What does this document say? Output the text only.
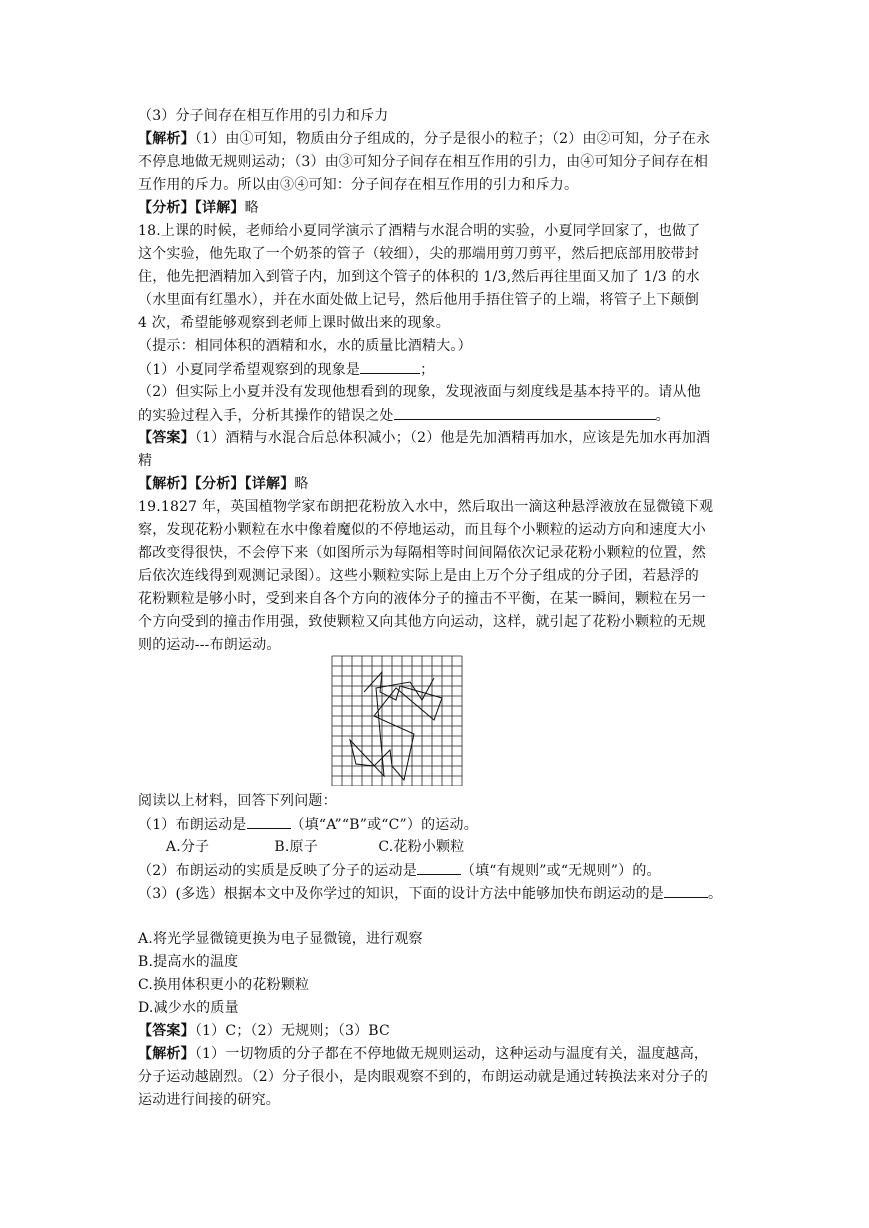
（3）分子间存在相互作用的引力和斥力
【解析】（1）由①可知，物质由分子组成的，分子是很小的粒子；（2）由②可知，分子在永
不停息地做无规则运动；（3）由③可知分子间存在相互作用的引力，由④可知分子间存在相
互作用的斥力。所以由③④可知：分子间存在相互作用的引力和斥力。
【分析】【详解】略
18.上课的时候，老师给小夏同学演示了酒精与水混合明的实验，小夏同学回家了，也做了
这个实验，他先取了一个奶茶的管子（较细），尖的那端用剪刀剪平，然后把底部用胶带封
住，他先把酒精加入到管子内，加到这个管子的体积的 1/3,然后再往里面又加了 1/3 的水
（水里面有红墨水），并在水面处做上记号，然后他用手捂住管子的上端，将管子上下颠倒
4 次，希望能够观察到老师上课时做出来的现象。
（提示：相同体积的酒精和水，水的质量比酒精大。）
（1）小夏同学希望观察到的现象是	；
（2）但实际上小夏并没有发现他想看到的现象，发现液面与刻度线是基本持平的。请从他
的实验过程入手，分析其操作的错误之处	。
【答案】（1）酒精与水混合后总体积减小；（2）他是先加酒精再加水，应该是先加水再加酒
精
【解析】【分析】【详解】略
19.1827 年，英国植物学家布朗把花粉放入水中，然后取出一滴这种悬浮液放在显微镜下观
察，发现花粉小颗粒在水中像着魔似的不停地运动，而且每个小颗粒的运动方向和速度大小
都改变得很快，不会停下来（如图所示为每隔相等时间间隔依次记录花粉小颗粒的位置，然
后依次连线得到观测记录图）。这些小颗粒实际上是由上万个分子组成的分子团，若悬浮的
花粉颗粒是够小时，受到来自各个方向的液体分子的撞击不平衡，在某一瞬间，颗粒在另一
个方向受到的撞击作用强，致使颗粒又向其他方向运动，这样，就引起了花粉小颗粒的无规
则的运动---布朗运动。
阅读以上材料，回答下列问题：
（1）布朗运动是	（填“A”“B”或“C”）的运动。
A.分子              B.原子             C.花粉小颗粒
（2）布朗运动的实质是反映了分子的运动是	（填“有规则”或“无规则”）的。
（3）(多选）根据本文中及你学过的知识，下面的设计方法中能够加快布朗运动的是	。
A.将光学显微镜更换为电子显微镜，进行观察
B.提高水的温度
C.换用体积更小的花粉颗粒
D.减少水的质量
【答案】（1）C；（2）无规则；（3）BC
【解析】（1）一切物质的分子都在不停地做无规则运动，这种运动与温度有关，温度越高，
分子运动越剧烈。（2）分子很小，是肉眼观察不到的，布朗运动就是通过转换法来对分子的
运动进行间接的研究。
